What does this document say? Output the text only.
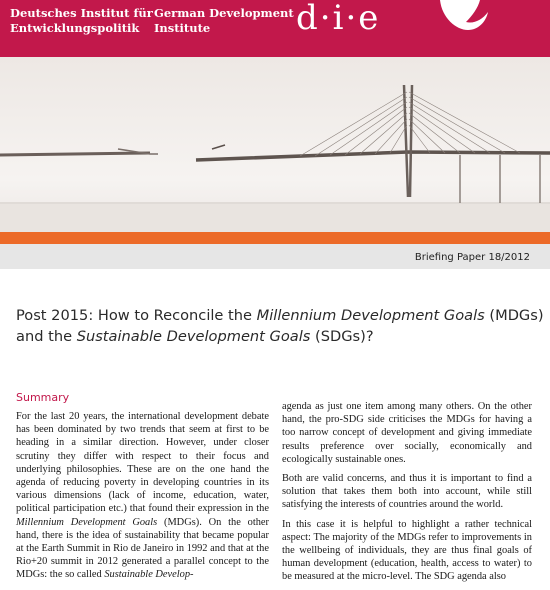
Deutsches Institut für
Entwicklungspolitik
German Development
Institute	d·i·e
Briefing Paper 18/2012
Post 2015: How to Reconcile the Millennium Development Goals (MDGs) and the Sustainable Development Goals (SDGs)?
Summary

For the last 20 years, the international development debate has been dominated by two trends that seem at first to be heading in a similar direction. However, under closer scrutiny they differ with respect to their focus and underlying philosophies. These are on the one hand the agenda of reducing poverty in developing countries in its various dimensions (lack of income, education, water, political participation etc.) that found their expression in the Millennium Development Goals (MDGs). On the other hand, there is the idea of sustainability that became popular at the Earth Summit in Rio de Janeiro in 1992 and that at the Rio+20 summit in 2012 generated a parallel concept to the MDGs: the so called Sustainable Develop-

agenda as just one item among many others. On the other hand, the pro-SDG side criticises the MDGs for having a too narrow concept of development and giving immediate results preference over socially, economically and ecologically sustainable ones.

Both are valid concerns, and thus it is important to find a solution that takes them both into account, while still satisfying the interests of countries around the world.

In this case it is helpful to highlight a rather technical aspect: The majority of the MDGs refer to improvements in the wellbeing of individuals, they are thus final goals of human development (education, health, access to water) to be measured at the micro-level. The SDG agenda also
